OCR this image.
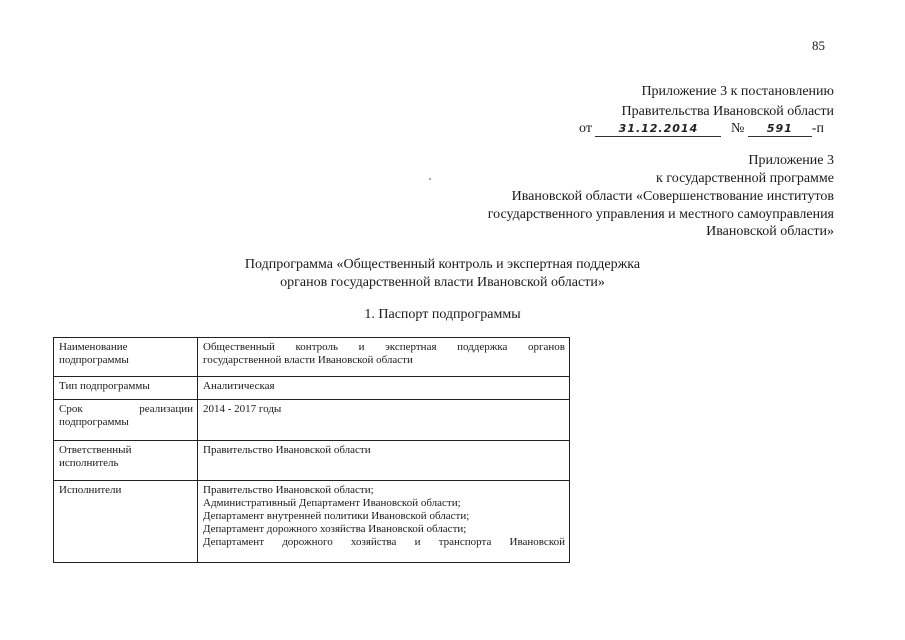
85
Приложение 3 к постановлению
Правительства Ивановской области
от 31.12.2014 № 591 -п
Приложение 3
к государственной программе
Ивановской области «Совершенствование институтов
государственного управления и местного самоуправления
Ивановской области»
Подпрограмма «Общественный контроль и экспертная поддержка
органов государственной власти Ивановской области»
1. Паспорт подпрограммы
Наименование
подпрограммы	Общественный контроль и экспертная поддержка органов
государственной власти Ивановской области
Тип подпрограммы	Аналитическая

Срок реализации
подпрограммы	2014 - 2017 годы
Ответственный
исполнитель	Правительство Ивановской области
Исполнители	Правительство Ивановской области;
Административный Департамент Ивановской области;
Департамент внутренней политики Ивановской области;
Департамент дорожного хозяйства Ивановской области;

Департамент дорожного хозяйства и транспорта Ивановской
